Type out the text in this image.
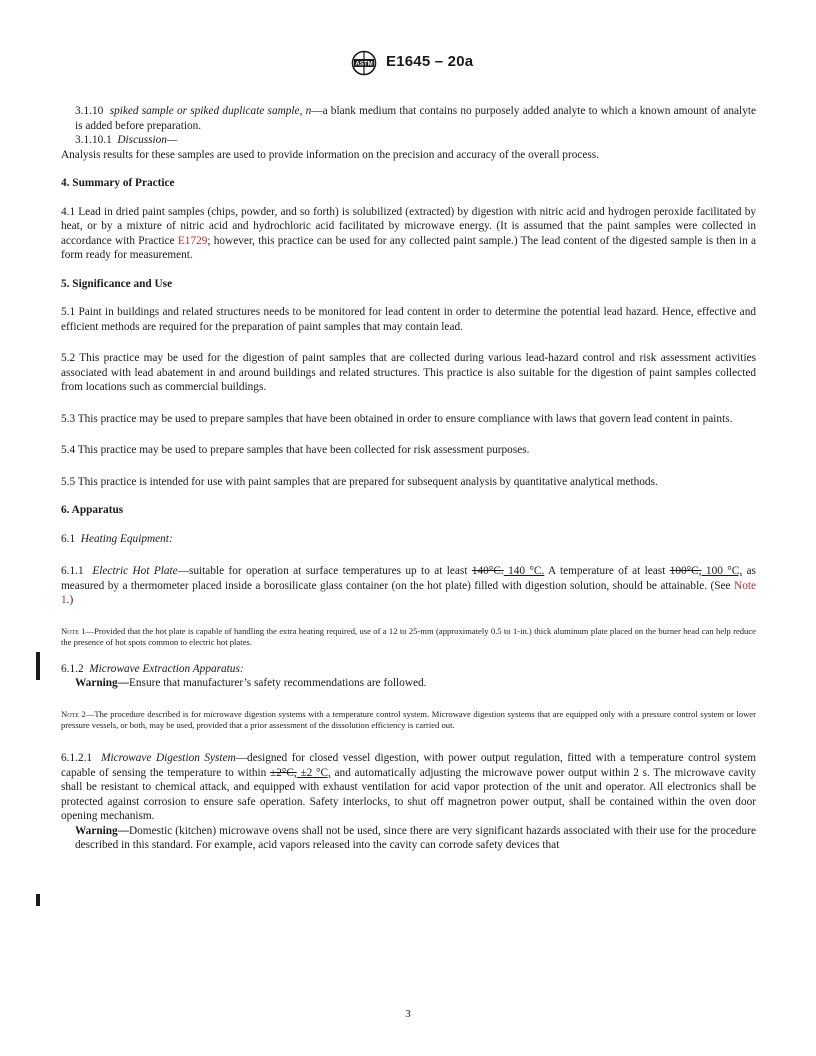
ASTM E1645 – 20a

3.1.10 spiked sample or spiked duplicate sample, n—a blank medium that contains no purposely added analyte to which a known amount of analyte is added before preparation.

3.1.10.1 Discussion—

Analysis results for these samples are used to provide information on the precision and accuracy of the overall process.

4. Summary of Practice

4.1 Lead in dried paint samples (chips, powder, and so forth) is solubilized (extracted) by digestion with nitric acid and hydrogen peroxide facilitated by heat, or by a mixture of nitric acid and hydrochloric acid facilitated by microwave energy. (It is assumed that the paint samples were collected in accordance with Practice E1729; however, this practice can be used for any collected paint sample.) The lead content of the digested sample is then in a form ready for measurement.

5. Significance and Use

5.1 Paint in buildings and related structures needs to be monitored for lead content in order to determine the potential lead hazard. Hence, effective and efficient methods are required for the preparation of paint samples that may contain lead.

5.2 This practice may be used for the digestion of paint samples that are collected during various lead-hazard control and risk assessment activities associated with lead abatement in and around buildings and related structures. This practice is also suitable for the digestion of paint samples collected from locations such as commercial buildings.

5.3 This practice may be used to prepare samples that have been obtained in order to ensure compliance with laws that govern lead content in paints.

5.4 This practice may be used to prepare samples that have been collected for risk assessment purposes.

5.5 This practice is intended for use with paint samples that are prepared for subsequent analysis by quantitative analytical methods.

6. Apparatus

6.1 Heating Equipment:

6.1.1 Electric Hot Plate—suitable for operation at surface temperatures up to at least 140°C. 140 °C. A temperature of at least 100°C, 100 °C, as measured by a thermometer placed inside a borosilicate glass container (on the hot plate) filled with digestion solution, should be attainable. (See Note 1.)

Note 1—Provided that the hot plate is capable of handling the extra heating required, use of a 12 to 25-mm (approximately 0.5 to 1-in.) thick aluminum plate placed on the burner head can help reduce the presence of hot spots common to electric hot plates.

6.1.2 Microwave Extraction Apparatus:

Warning—Ensure that manufacturer’s safety recommendations are followed.

Note 2—The procedure described is for microwave digestion systems with a temperature control system. Microwave digestion systems that are equipped only with a pressure control system or lower pressure vessels, or both, may be used, provided that a prior assessment of the dissolution efficiency is carried out.

6.1.2.1 Microwave Digestion System—designed for closed vessel digestion, with power output regulation, fitted with a temperature control system capable of sensing the temperature to within ±2°C, ±2 °C, and automatically adjusting the microwave power output within 2 s. The microwave cavity shall be resistant to chemical attack, and equipped with exhaust ventilation for acid vapor protection of the unit and operator. All electronics shall be protected against corrosion to ensure safe operation. Safety interlocks, to shut off magnetron power output, shall be contained within the oven door opening mechanism.

Warning—Domestic (kitchen) microwave ovens shall not be used, since there are very significant hazards associated with their use for the procedure described in this standard. For example, acid vapors released into the cavity can corrode safety devices that

3
